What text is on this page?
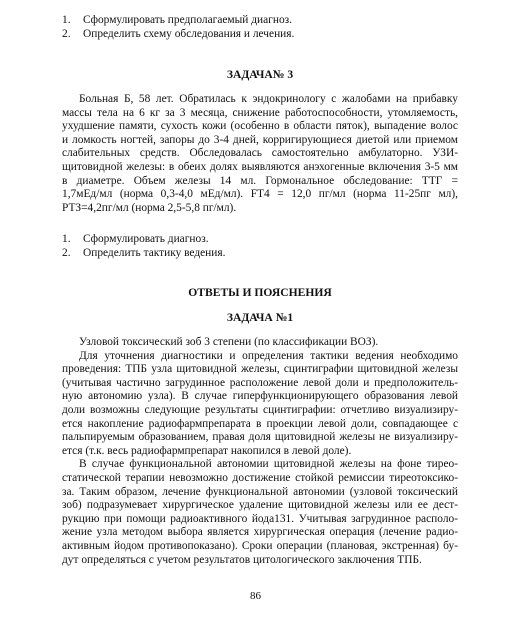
1.	Сформулировать предполагаемый диагноз.
2.	Определить схему обследования и лечения.

ЗАДАЧА№ 3

Больная Б, 58 лет. Обратилась к эндокринологу с жалобами на прибавку
массы тела на 6 кг за 3 месяца, снижение работоспособности, утомляемость,
ухудшение памяти, сухость кожи (особенно в области пяток), выпадение волос
и ломкость ногтей, запоры до 3-4 дней, корригирующиеся диетой или приемом
слабительных средств. Обследовалась самостоятельно амбулаторно. УЗИ-
щитовидной железы: в обеих долях выявляются анэхогенные включения 3-5 мм
в диаметре. Объем железы 14 мл. Гормональное обследование: ТТГ =
1,7мЕд/мл (норма 0,3-4,0 мЕд/мл). FT4 = 12,0 пг/мл (норма 11-25пг мл),
РТЗ=4,2пг/мл (норма 2,5-5,8 пг/мл).
1.	Сформулировать диагноз.
2.	Определить тактику ведения.

ОТВЕТЫ И ПОЯСНЕНИЯ

ЗАДАЧА №1

Узловой токсический зоб 3 степени (по классификации ВОЗ).
Для уточнения диагностики и определения тактики ведения необходимо
проведения: ТПБ узла щитовидной железы, сцинтиграфии щитовидной железы
(учитывая частично загрудинное расположение левой доли и предположитель-
ную автономию узла). В случае гиперфункционирующего образования левой
доли возможны следующие результаты сцинтиграфии: отчетливо визуализиру-
ется накопление радиофармпрепарата в проекции левой доли, совпадающее с
пальпируемым образованием, правая доля щитовидной железы не визуализиру-
ется (т.к. весь радиофармпрепарат накопился в левой доле).
В случае функциональной автономии щитовидной железы на фоне тирео-
статической терапии невозможно достижение стойкой ремиссии тиреотоксико-
за. Таким образом, лечение функциональной автономии (узловой токсический
зоб) подразумевает хирургическое удаление щитовидной железы или ее дест-
рукцию при помощи радиоактивного йода131. Учитывая загрудинное располо-
жение узла методом выбора является хирургическая операция (лечение радио-
активным йодом противопоказано). Сроки операции (плановая, экстренная) бу-
дут определяться с учетом результатов цитологического заключения ТПБ.
86
